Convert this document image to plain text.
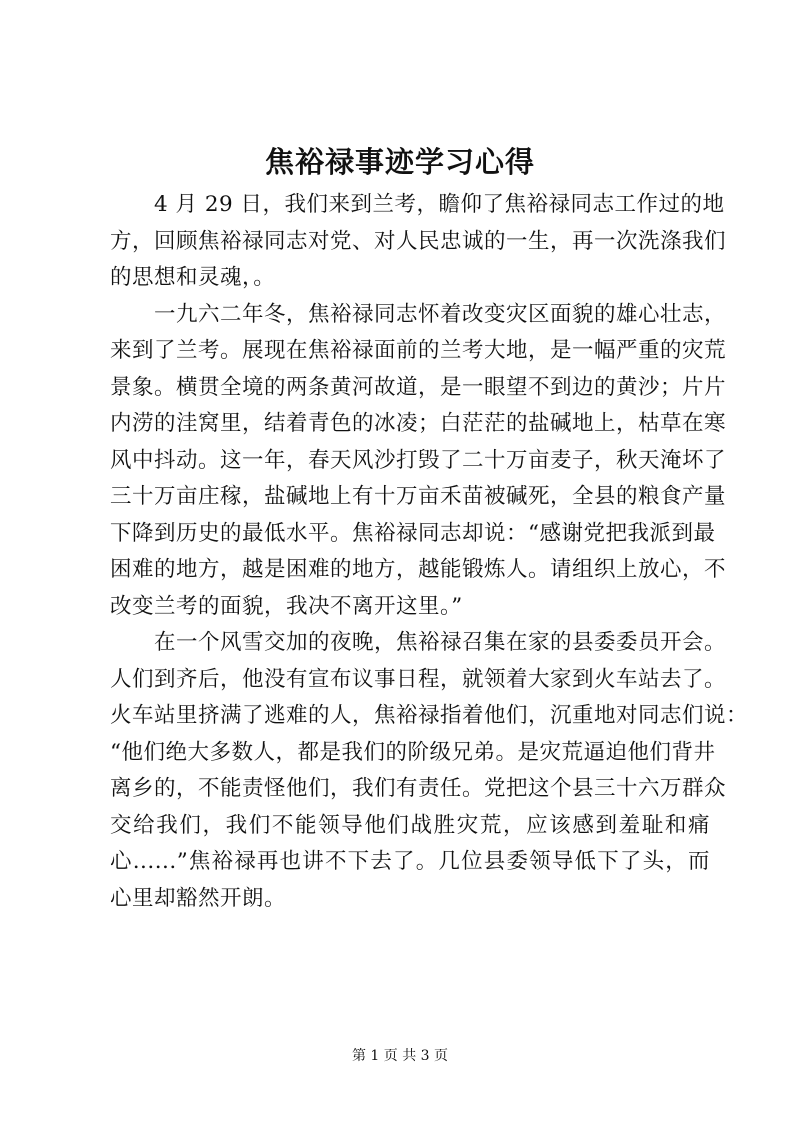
焦裕禄事迹学习心得
　　4 月 29 日，我们来到兰考，瞻仰了焦裕禄同志工作过的地
方，回顾焦裕禄同志对党、对人民忠诚的一生，再一次洗涤我们
的思想和灵魂，。
　　一九六二年冬，焦裕禄同志怀着改变灾区面貌的雄心壮志，
来到了兰考。展现在焦裕禄面前的兰考大地，是一幅严重的灾荒
景象。横贯全境的两条黄河故道，是一眼望不到边的黄沙；片片
内涝的洼窝里，结着青色的冰凌；白茫茫的盐碱地上，枯草在寒
风中抖动。这一年，春天风沙打毁了二十万亩麦子，秋天淹坏了
三十万亩庄稼，盐碱地上有十万亩禾苗被碱死，全县的粮食产量
下降到历史的最低水平。焦裕禄同志却说：“感谢党把我派到最
困难的地方，越是困难的地方，越能锻炼人。请组织上放心，不
改变兰考的面貌，我决不离开这里。”
　　在一个风雪交加的夜晚，焦裕禄召集在家的县委委员开会。
人们到齐后，他没有宣布议事日程，就领着大家到火车站去了。
火车站里挤满了逃难的人，焦裕禄指着他们，沉重地对同志们说：
“他们绝大多数人，都是我们的阶级兄弟。是灾荒逼迫他们背井
离乡的，不能责怪他们，我们有责任。党把这个县三十六万群众
交给我们，我们不能领导他们战胜灾荒，应该感到羞耻和痛
心......”焦裕禄再也讲不下去了。几位县委领导低下了头，而
心里却豁然开朗。
第 1 页 共 3 页
